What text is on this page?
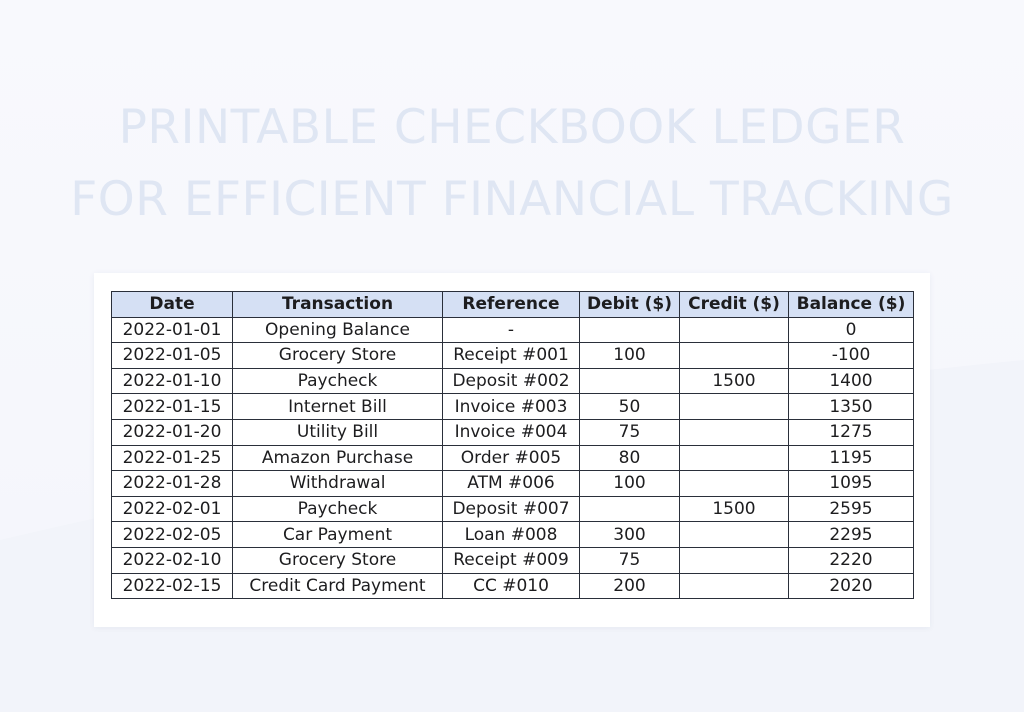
PRINTABLE CHECKBOOK LEDGER
FOR EFFICIENT FINANCIAL TRACKING
Date	Transaction	Reference	Debit ($)	Credit ($)	Balance ($)
2022-01-01	Opening Balance	-			0
2022-01-05	Grocery Store	Receipt #001	100		-100
2022-01-10	Paycheck	Deposit #002		1500	1400
2022-01-15	Internet Bill	Invoice #003	50		1350
2022-01-20	Utility Bill	Invoice #004	75		1275
2022-01-25	Amazon Purchase	Order #005	80		1195
2022-01-28	Withdrawal	ATM #006	100		1095
2022-02-01	Paycheck	Deposit #007		1500	2595
2022-02-05	Car Payment	Loan #008	300		2295
2022-02-10	Grocery Store	Receipt #009	75		2220
2022-02-15	Credit Card Payment	CC #010	200		2020
